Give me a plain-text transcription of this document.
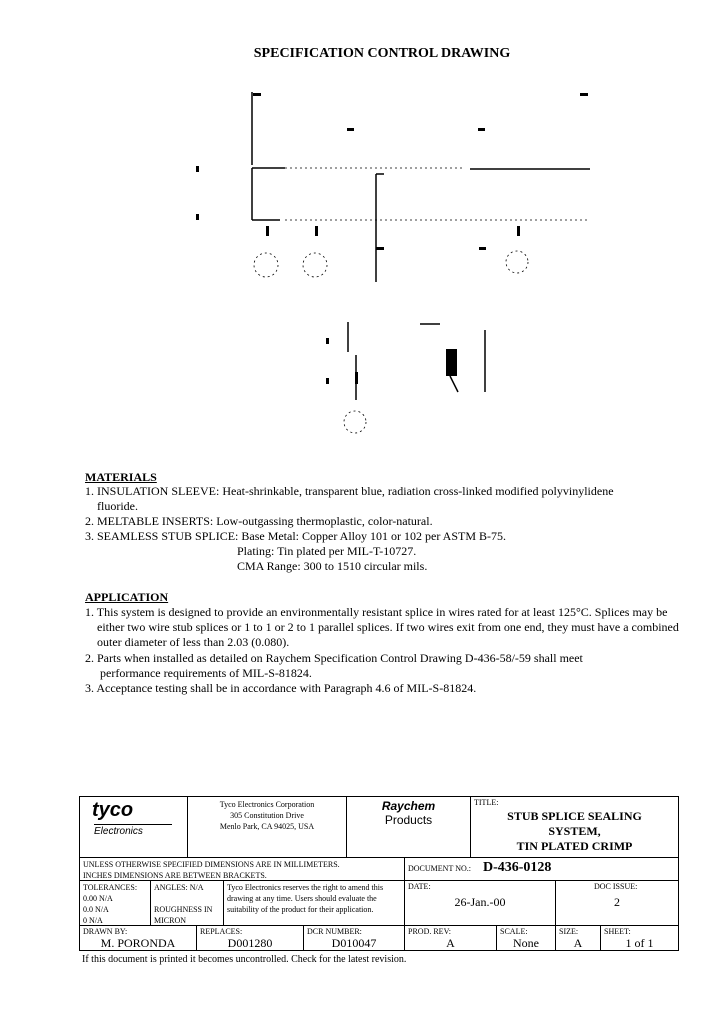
SPECIFICATION CONTROL DRAWING
MATERIALS
1. INSULATION SLEEVE: Heat-shrinkable, transparent blue, radiation cross-linked modified polyvinylidene
fluoride.
2. MELTABLE INSERTS: Low-outgassing thermoplastic, color-natural.
3. SEAMLESS STUB SPLICE: Base Metal: Copper Alloy 101 or 102 per ASTM B-75.
Plating: Tin plated per MIL-T-10727.
CMA Range: 300 to 1510 circular mils.
APPLICATION
1. This system is designed to provide an environmentally resistant splice in wires rated for at least 125°C. Splices may be
either two wire stub splices or 1 to 1 or 2 to 1 parallel splices. If two wires exit from one end, they must have a combined
outer diameter of less than 2.03 (0.080).
2. Parts when installed as detailed on Raychem Specification Control Drawing D-436-58/-59 shall meet
performance requirements of MIL-S-81824.
3. Acceptance testing shall be in accordance with Paragraph 4.6 of MIL-S-81824.
tyco
Electronics
Tyco Electronics Corporation
305 Constitution Drive
Menlo Park, CA 94025, USA
Raychem
Products
TITLE:
STUB SPLICE SEALING
SYSTEM,
TIN PLATED CRIMP
UNLESS OTHERWISE SPECIFIED DIMENSIONS ARE IN MILLIMETERS.
INCHES DIMENSIONS ARE BETWEEN BRACKETS.
DOCUMENT NO.: D-436-0128
TOLERANCES:
0.00 N/A
0.0 N/A
0 N/A
ANGLES: N/A

ROUGHNESS IN
MICRON
Tyco Electronics reserves the right to amend this
drawing at any time. Users should evaluate the
suitability of the product for their application.
DATE:
26-Jan.-00
DOC ISSUE:
2
DRAWN BY:
M. PORONDA
REPLACES:
D001280
DCR NUMBER:
D010047
PROD. REV:
A
SCALE:
None
SIZE:
A
SHEET:
1 of 1
If this document is printed it becomes uncontrolled. Check for the latest revision.
